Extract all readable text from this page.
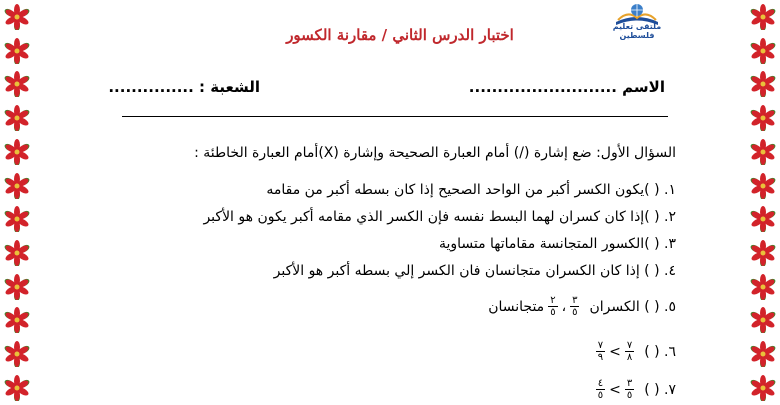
ملتقى تعليم فلسطين
اختبار الدرس الثاني / مقارنة الكسور
الاسم ..........................
الشعبة : ...............
السؤال الأول: ضع إشارة (/) أمام العبارة الصحيحة وإشارة (X)أمام العبارة الخاطئة :
١. ( )يكون الكسر أكبر من الواحد الصحيح إذا كان بسطه أكبر من مقامه
٢. ( )إذا كان كسران لهما البسط نفسه فإن الكسر الذي مقامه أكبر يكون هو الأكبر
٣. ( )الكسور المتجانسة مقاماتها متساوية
٤. ( ) إذا كان الكسران متجانسان فان الكسر إلي بسطه أكبر هو الأكبر
٥. ( ) الكسران
$\frac{٣}{٥}$
،
$\frac{٢}{٥}$
متجانسان
٦. ( )
$\frac{٧}{٨}$
>
$\frac{٧}{٩}$
٧. ( )
$\frac{٣}{٥}$
>
$\frac{٤}{٥}$
